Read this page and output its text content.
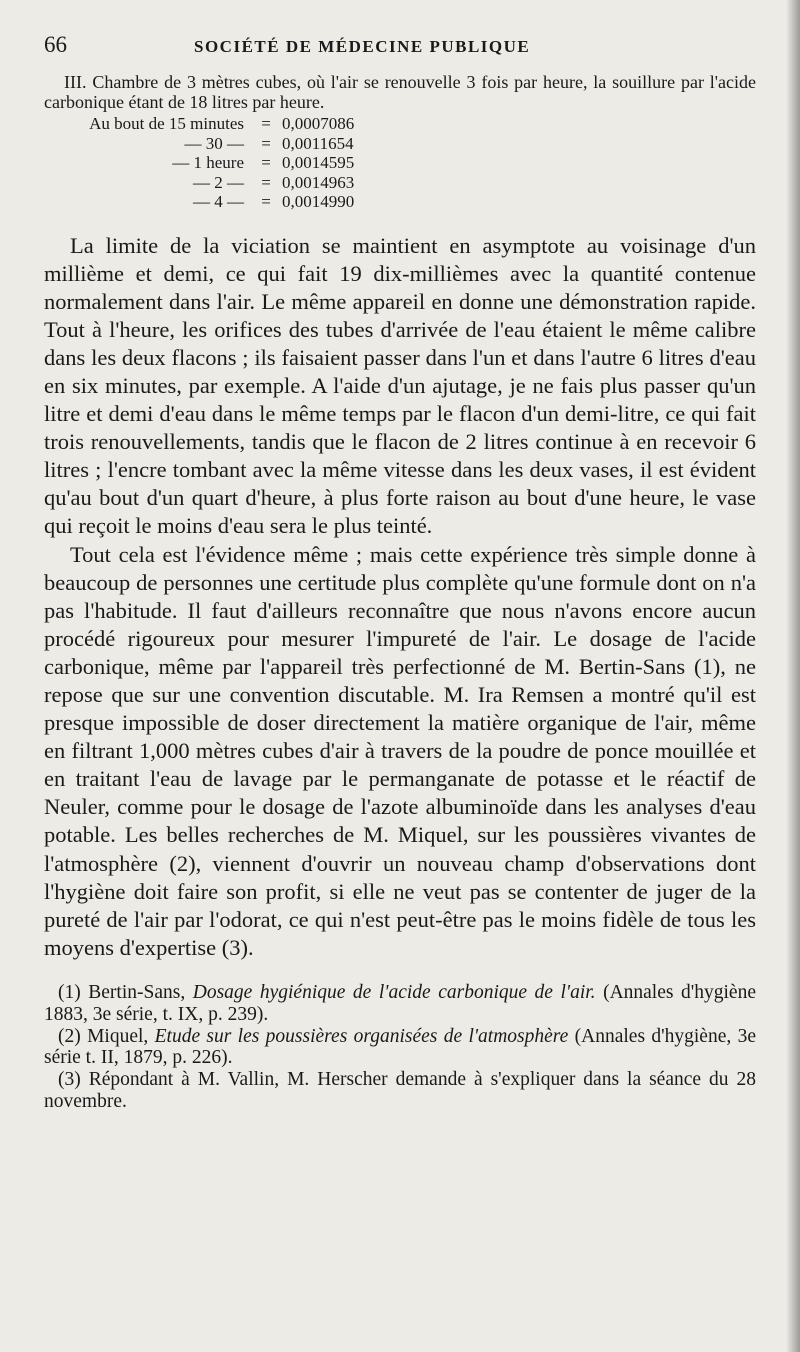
66	SOCIÉTÉ DE MÉDECINE PUBLIQUE

III. Chambre de 3 mètres cubes, où l'air se renouvelle 3 fois par heure, la souillure par l'acide carbonique étant de 18 litres par heure.

Au bout de 15 minutes	= 0,0007086
— 30 —	= 0,0011654
— 1 heure	= 0,0014595
— 2 —	= 0,0014963
— 4 —	= 0,0014990

La limite de la viciation se maintient en asymptote au voisinage d'un millième et demi, ce qui fait 19 dix-millièmes avec la quantité contenue normalement dans l'air. Le même appareil en donne une démonstration rapide. Tout à l'heure, les orifices des tubes d'arrivée de l'eau étaient le même calibre dans les deux flacons ; ils faisaient passer dans l'un et dans l'autre 6 litres d'eau en six minutes, par exemple. A l'aide d'un ajutage, je ne fais plus passer qu'un litre et demi d'eau dans le même temps par le flacon d'un demi-litre, ce qui fait trois renouvellements, tandis que le flacon de 2 litres continue à en recevoir 6 litres ; l'encre tombant avec la même vitesse dans les deux vases, il est évident qu'au bout d'un quart d'heure, à plus forte raison au bout d'une heure, le vase qui reçoit le moins d'eau sera le plus teinté.

Tout cela est l'évidence même ; mais cette expérience très simple donne à beaucoup de personnes une certitude plus complète qu'une formule dont on n'a pas l'habitude. Il faut d'ailleurs reconnaître que nous n'avons encore aucun procédé rigoureux pour mesurer l'impureté de l'air. Le dosage de l'acide carbonique, même par l'appareil très perfectionné de M. Bertin-Sans (1), ne repose que sur une convention discutable. M. Ira Remsen a montré qu'il est presque impossible de doser directement la matière organique de l'air, même en filtrant 1,000 mètres cubes d'air à travers de la poudre de ponce mouillée et en traitant l'eau de lavage par le permanganate de potasse et le réactif de Neuler, comme pour le dosage de l'azote albuminoïde dans les analyses d'eau potable. Les belles recherches de M. Miquel, sur les poussières vivantes de l'atmosphère (2), viennent d'ouvrir un nouveau champ d'observations dont l'hygiène doit faire son profit, si elle ne veut pas se contenter de juger de la pureté de l'air par l'odorat, ce qui n'est peut-être pas le moins fidèle de tous les moyens d'expertise (3).

(1) Bertin-Sans, Dosage hygiénique de l'acide carbonique de l'air. (Annales d'hygiène 1883, 3e série, t. IX, p. 239).

(2) Miquel, Etude sur les poussières organisées de l'atmosphère (Annales d'hygiène, 3e série t. II, 1879, p. 226).

(3) Répondant à M. Vallin, M. Herscher demande à s'expliquer dans la séance du 28 novembre.
